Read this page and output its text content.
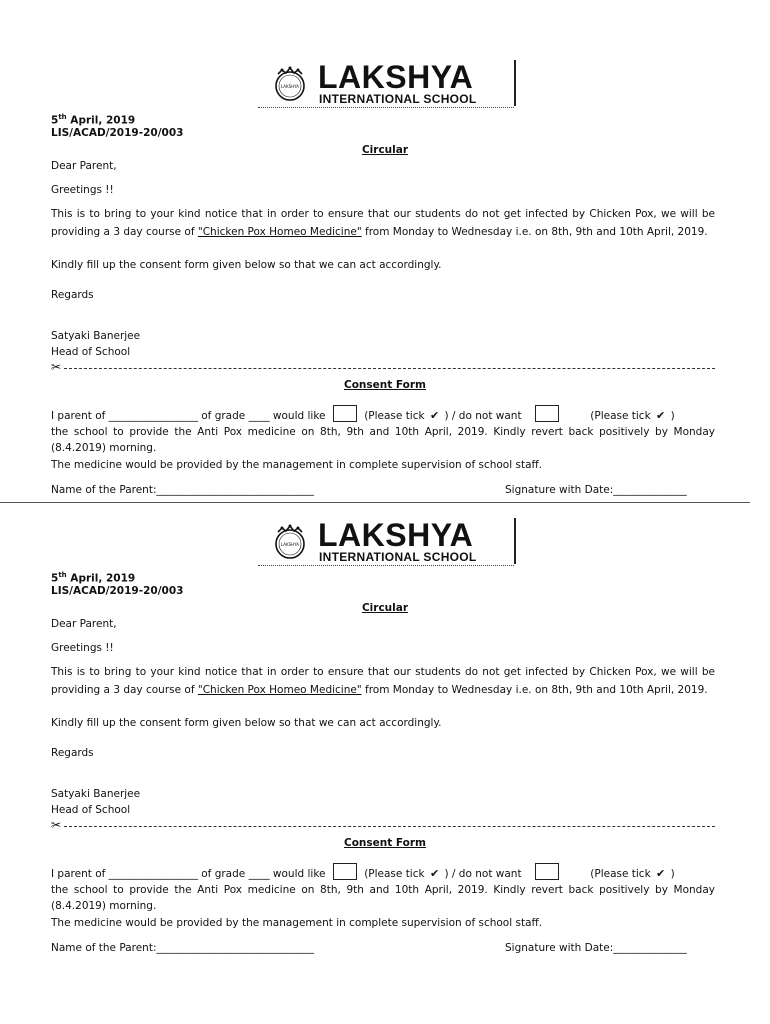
LAKSHYA LAKSHYA
INTERNATIONAL SCHOOL
5th April, 2019
LIS/ACAD/2019-20/003
Circular
Dear Parent,
Greetings !!
This is to bring to your kind notice that in order to ensure that our students do not get infected by Chicken Pox, we will be providing a 3 day course of "Chicken Pox Homeo Medicine" from Monday to Wednesday i.e. on 8th, 9th and 10th April, 2019.
Kindly fill up the consent form given below so that we can act accordingly.
Regards
Satyaki Banerjee
Head of School
✂
Consent Form
I parent of _________________ of grade ____ would like	(Please tick ✔ ) / do not want	(Please tick ✔ )
the school to provide the Anti Pox medicine on 8th, 9th and 10th April, 2019. Kindly revert back positively by Monday (8.4.2019) morning.
The medicine would be provided by the management in complete supervision of school staff.
Name of the Parent:______________________________	Signature with Date:______________
LAKSHYA LAKSHYA
INTERNATIONAL SCHOOL
5th April, 2019
LIS/ACAD/2019-20/003
Circular
Dear Parent,
Greetings !!
This is to bring to your kind notice that in order to ensure that our students do not get infected by Chicken Pox, we will be providing a 3 day course of "Chicken Pox Homeo Medicine" from Monday to Wednesday i.e. on 8th, 9th and 10th April, 2019.
Kindly fill up the consent form given below so that we can act accordingly.
Regards
Satyaki Banerjee
Head of School
✂
Consent Form
I parent of _________________ of grade ____ would like	(Please tick ✔ ) / do not want	(Please tick ✔ )
the school to provide the Anti Pox medicine on 8th, 9th and 10th April, 2019. Kindly revert back positively by Monday (8.4.2019) morning.
The medicine would be provided by the management in complete supervision of school staff.
Name of the Parent:______________________________	Signature with Date:______________
